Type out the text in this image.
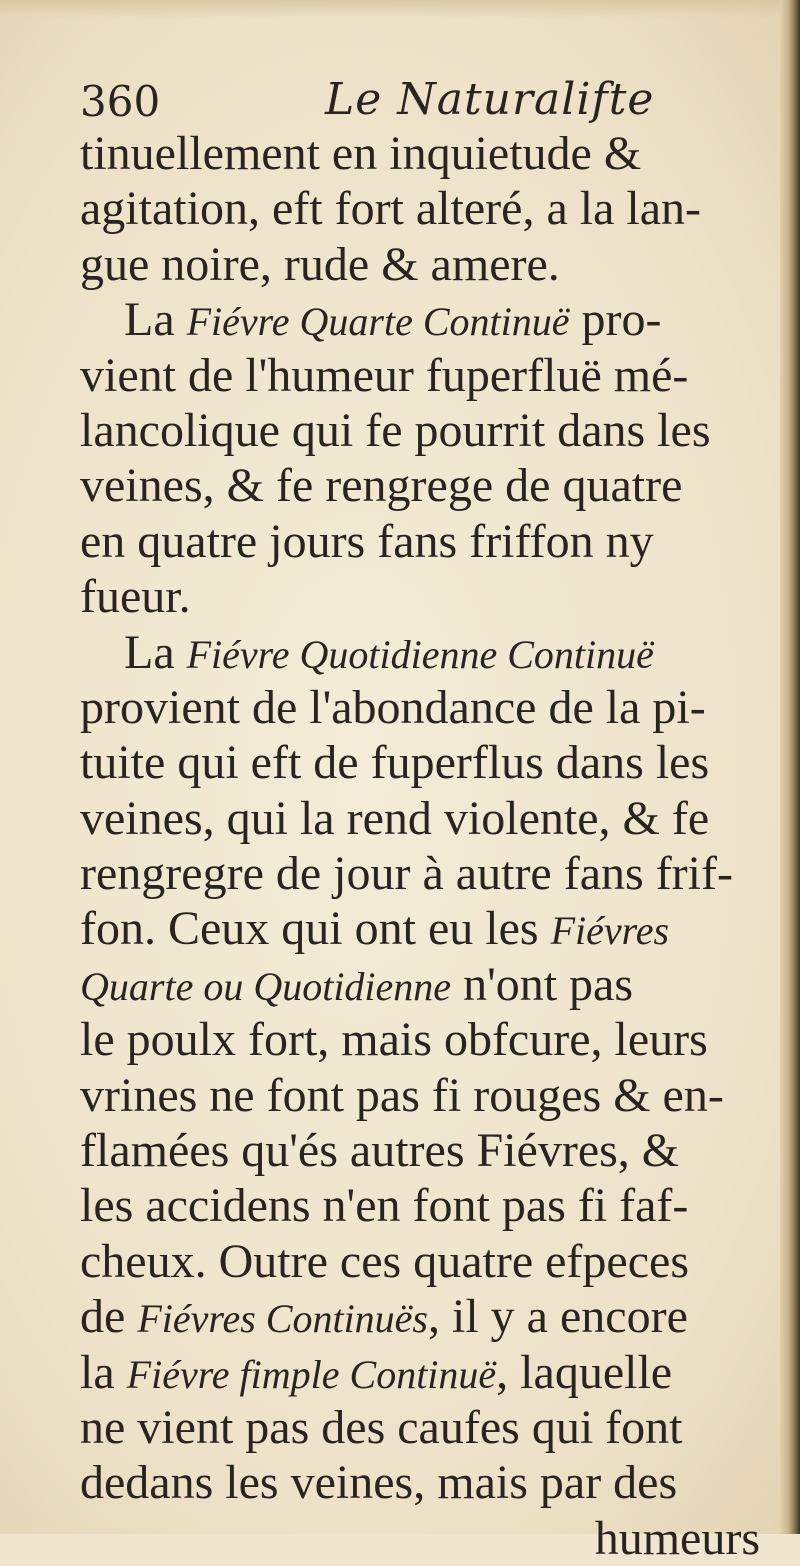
360	Le Naturalifte
tinuellement en inquietude &
agitation, eft fort alteré, a la lan-
gue noire, rude & amere.
La Fiévre Quarte Continuë pro-
vient de l'humeur fuperfluë mé-
lancolique qui fe pourrit dans les
veines, & fe rengrege de quatre
en quatre jours fans friffon ny
fueur.
La Fiévre Quotidienne Continuë
provient de l'abondance de la pi-
tuite qui eft de fuperflus dans les
veines, qui la rend violente, & fe
rengregre de jour à autre fans frif-
fon. Ceux qui ont eu les Fiévres
Quarte ou Quotidienne n'ont pas
le poulx fort, mais obfcure, leurs
vrines ne font pas fi rouges & en-
flamées qu'és autres Fiévres, &
les accidens n'en font pas fi faf-
cheux. Outre ces quatre efpeces
de Fiévres Continuës, il y a encore
la Fiévre fimple Continuë, laquelle
ne vient pas des caufes qui font
dedans les veines, mais par des
humeurs
